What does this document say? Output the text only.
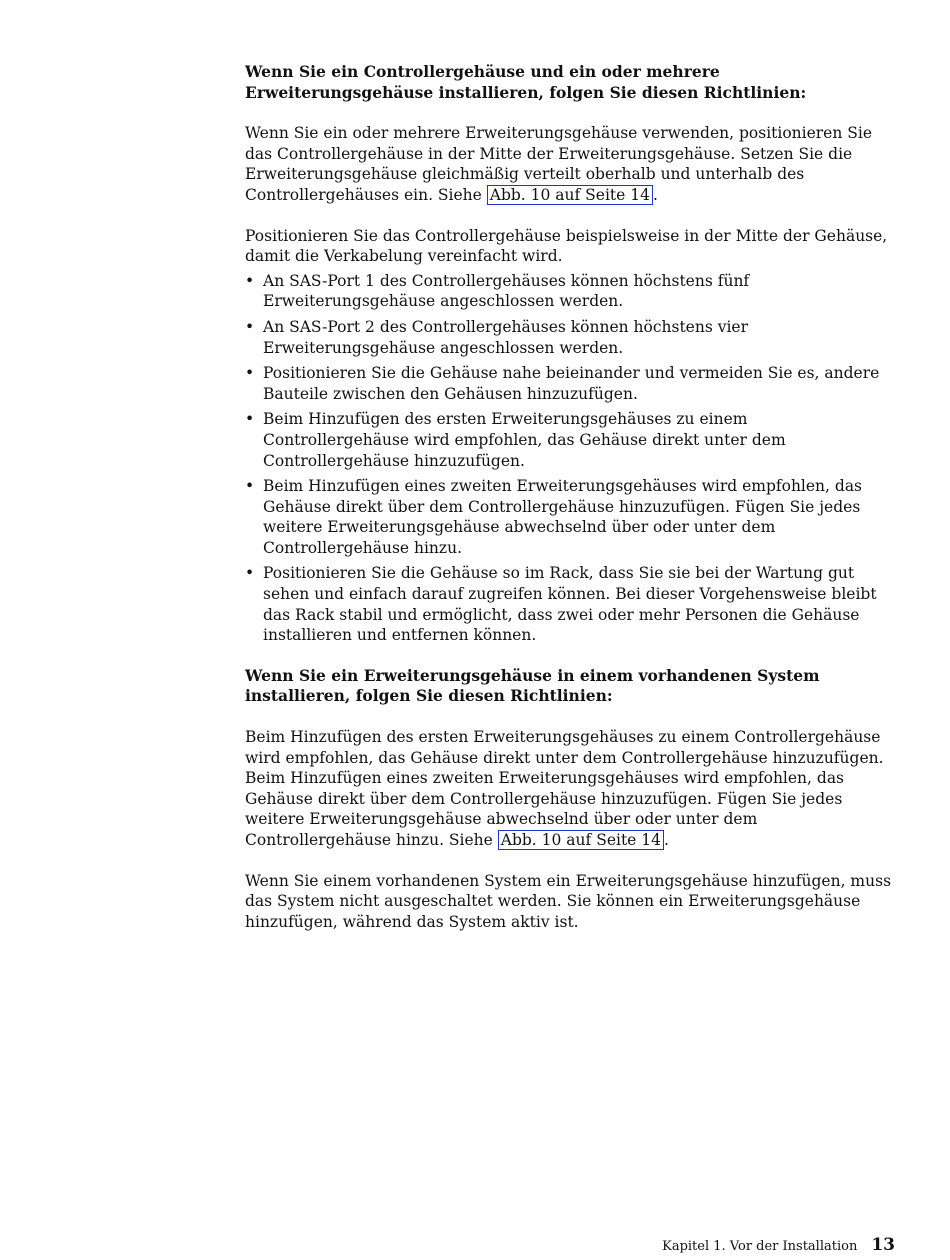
Wenn Sie ein Controllergehäuse und ein oder mehrere Erweiterungsgehäuse installieren, folgen Sie diesen Richtlinien:

Wenn Sie ein oder mehrere Erweiterungsgehäuse verwenden, positionieren Sie das Controllergehäuse in der Mitte der Erweiterungsgehäuse. Setzen Sie die Erweiterungsgehäuse gleichmäßig verteilt oberhalb und unterhalb des Controllergehäuses ein. Siehe Abb. 10 auf Seite 14 .

Positionieren Sie das Controllergehäuse beispielsweise in der Mitte der Gehäuse, damit die Verkabelung vereinfacht wird.

• An SAS-Port 1 des Controllergehäuses können höchstens fünf Erweiterungsgehäuse angeschlossen werden.
• An SAS-Port 2 des Controllergehäuses können höchstens vier Erweiterungsgehäuse angeschlossen werden.
• Positionieren Sie die Gehäuse nahe beieinander und vermeiden Sie es, andere Bauteile zwischen den Gehäusen hinzuzufügen.
• Beim Hinzufügen des ersten Erweiterungsgehäuses zu einem Controllergehäuse wird empfohlen, das Gehäuse direkt unter dem Controllergehäuse hinzuzufügen.
• Beim Hinzufügen eines zweiten Erweiterungsgehäuses wird empfohlen, das Gehäuse direkt über dem Controllergehäuse hinzuzufügen. Fügen Sie jedes weitere Erweiterungsgehäuse abwechselnd über oder unter dem Controllergehäuse hinzu.
• Positionieren Sie die Gehäuse so im Rack, dass Sie sie bei der Wartung gut sehen und einfach darauf zugreifen können. Bei dieser Vorgehensweise bleibt das Rack stabil und ermöglicht, dass zwei oder mehr Personen die Gehäuse installieren und entfernen können.
Wenn Sie ein Erweiterungsgehäuse in einem vorhandenen System installieren, folgen Sie diesen Richtlinien:

Beim Hinzufügen des ersten Erweiterungsgehäuses zu einem Controllergehäuse wird empfohlen, das Gehäuse direkt unter dem Controllergehäuse hinzuzufügen. Beim Hinzufügen eines zweiten Erweiterungsgehäuses wird empfohlen, das Gehäuse direkt über dem Controllergehäuse hinzuzufügen. Fügen Sie jedes weitere Erweiterungsgehäuse abwechselnd über oder unter dem Controllergehäuse hinzu. Siehe Abb. 10 auf Seite 14 .

Wenn Sie einem vorhandenen System ein Erweiterungsgehäuse hinzufügen, muss das System nicht ausgeschaltet werden. Sie können ein Erweiterungsgehäuse hinzufügen, während das System aktiv ist.

Kapitel 1. Vor der Installation 13
